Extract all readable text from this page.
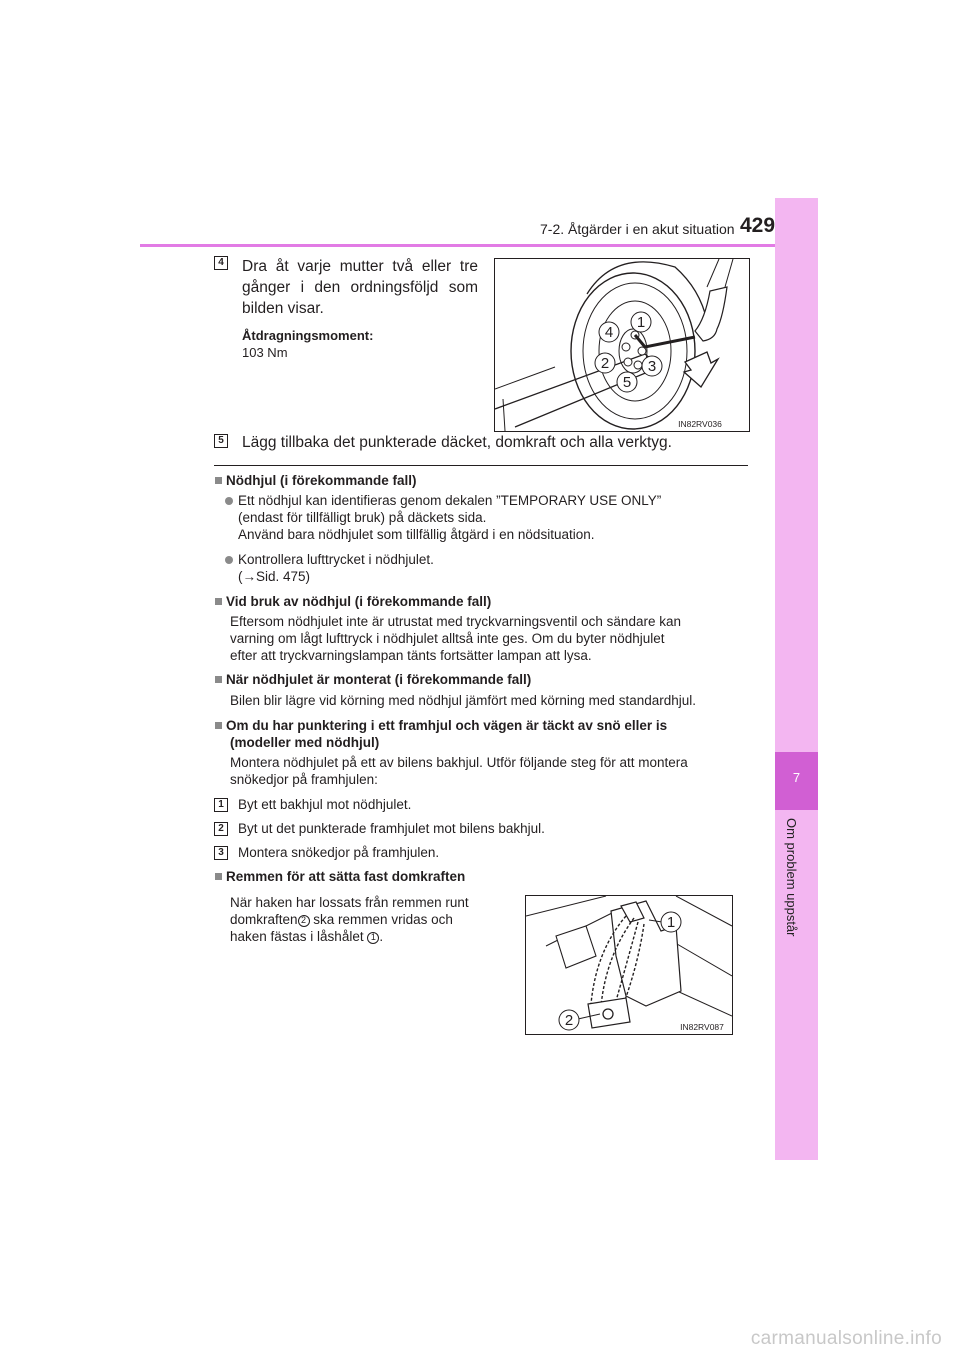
7-2. Åtgärder i en akut situation 429
7
Om problem uppstår
4 Dra åt varje mutter två eller tre gånger i den ordningsföljd som bilden visar.
Åtdragningsmoment:
103 Nm
1
2	3
4
5
IN82RV036
5 Lägg tillbaka det punkterade däcket, domkraft och alla verktyg.
Nödhjul (i förekommande fall)
Ett nödhjul kan identifieras genom dekalen ”TEMPORARY USE ONLY”
(endast för tillfälligt bruk) på däckets sida.
Använd bara nödhjulet som tillfällig åtgärd i en nödsituation.
Kontrollera lufttrycket i nödhjulet.
(→Sid. 475)
Vid bruk av nödhjul (i förekommande fall)
Eftersom nödhjulet inte är utrustat med tryckvarningsventil och sändare kan
varning om lågt lufttryck i nödhjulet alltså inte ges. Om du byter nödhjulet
efter att tryckvarningslampan tänts fortsätter lampan att lysa.
När nödhjulet är monterat (i förekommande fall)
Bilen blir lägre vid körning med nödhjul jämfört med körning med standardhjul.
Om du har punktering i ett framhjul och vägen är täckt av snö eller is
(modeller med nödhjul)
Montera nödhjulet på ett av bilens bakhjul. Utför följande steg för att montera
snökedjor på framhjulen:
1	Byt ett bakhjul mot nödhjulet.
2	Byt ut det punkterade framhjulet mot bilens bakhjul.
3	Montera snökedjor på framhjulen.
Remmen för att sätta fast domkraften
När haken har lossats från remmen runt
domkraften 2 ska remmen vridas och
haken fästas i låshålet 1 .
1
2	IN82RV087
carmanualsonline.info
